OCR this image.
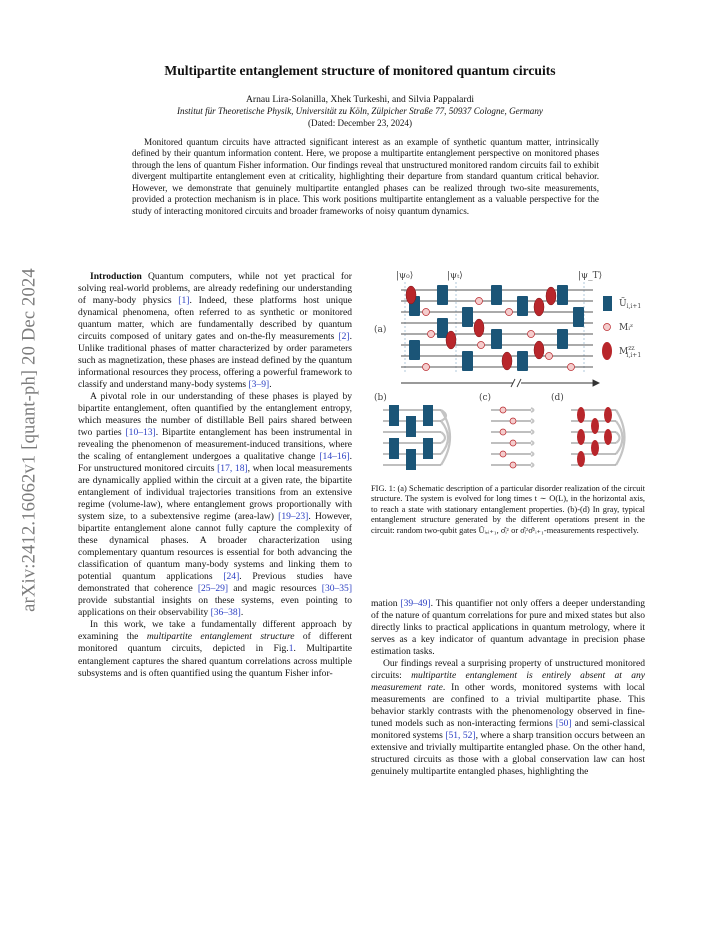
arXiv:2412.16062v1 [quant-ph] 20 Dec 2024
Multipartite entanglement structure of monitored quantum circuits
Arnau Lira-Solanilla, Xhek Turkeshi, and Silvia Pappalardi
Institut für Theoretische Physik, Universität zu Köln, Zülpicher Straße 77, 50937 Cologne, Germany
(Dated: December 23, 2024)
Monitored quantum circuits have attracted significant interest as an example of synthetic quantum matter, intrinsically defined by their quantum information content. Here, we propose a multipartite entanglement perspective on monitored phases through the lens of quantum Fisher information. Our findings reveal that unstructured monitored random circuits fail to exhibit divergent multipartite entanglement even at criticality, highlighting their departure from standard quantum critical behavior. However, we demonstrate that genuinely multipartite entangled phases can be realized through two-site measurements, provided a protection mechanism is in place. This work positions multipartite entanglement as a valuable perspective for the study of interacting monitored circuits and broader frameworks of noisy quantum dynamics.

Introduction Quantum computers, while not yet practical for solving real-world problems, are already redefining our understanding of many-body physics [1]. Indeed, these platforms host unique dynamical phenomena, often referred to as synthetic or monitored quantum matter, which are fundamentally described by quantum circuits composed of unitary gates and on-the-fly measurements [2]. Unlike traditional phases of matter characterized by order parameters such as magnetization, these phases are instead defined by the quantum informational resources they process, offering a powerful framework to classify and understand many-body systems [3–9].

A pivotal role in our understanding of these phases is played by bipartite entanglement, often quantified by the entanglement entropy, which measures the number of distillable Bell pairs shared between two parties [10–13]. Bipartite entanglement has been instrumental in revealing the phenomenon of measurement-induced transitions, where the scaling of entanglement undergoes a qualitative change [14–16]. For unstructured monitored circuits [17, 18], when local measurements are dynamically applied within the circuit at a given rate, the bipartite entanglement of individual trajectories transitions from an extensive regime (volume-law), where entanglement grows proportionally with system size, to a subextensive regime (area-law) [19–23]. However, bipartite entanglement alone cannot fully capture the complexity of these dynamical phases. A broader characterization using complementary quantum resources is essential for both advancing the classification of quantum many-body systems and linking them to potential quantum applications [24]. Previous studies have demonstrated that coherence [25–29] and magic resources [30–35] provide substantial insights on these systems, even pointing to applications on their observability [36–38].

In this work, we take a fundamentally different approach by examining the multipartite entanglement structure of different monitored quantum circuits, depicted in Fig.1. Multipartite entanglement captures the shared quantum correlations across multiple subsystems and is often quantified using the quantum Fisher infor-

|ψ₀⟩	|ψₜ⟩	|ψ_T⟩
(a)
$Ũ_{i,i+1}$
Mᵢᶻ
$M^{zz}$ i,i+1
(b)	(c)	(d)
FIG. 1: (a) Schematic description of a particular disorder realization of the circuit structure. The system is evolved for long times t ∼ O(L), in the horizontal axis, to reach a state with stationary entanglement properties. (b)-(d) In gray, typical entanglement structure generated by the different operations present in the circuit: random two-qubit gates Ũᵢ,ᵢ₊₁, σ̂ᵢᶻ or σ̂ᵢᶻσ̂ᶻᵢ₊₁-measurements respectively.

mation [39–49]. This quantifier not only offers a deeper understanding of the nature of quantum correlations for pure and mixed states but also directly links to practical applications in quantum metrology, where it serves as a key indicator of quantum advantage in precision phase estimation tasks.

Our findings reveal a surprising property of unstructured monitored circuits: multipartite entanglement is entirely absent at any measurement rate. In other words, monitored systems with local measurements are confined to a trivial multipartite phase. This behavior starkly contrasts with the phenomenology observed in fine-tuned models such as non-interacting fermions [50] and semi-classical monitored systems [51, 52], where a sharp transition occurs between an extensive and trivially multipartite entangled phase. On the other hand, structured circuits as those with a global conservation law can host genuinely multipartite entangled phases, highlighting the
